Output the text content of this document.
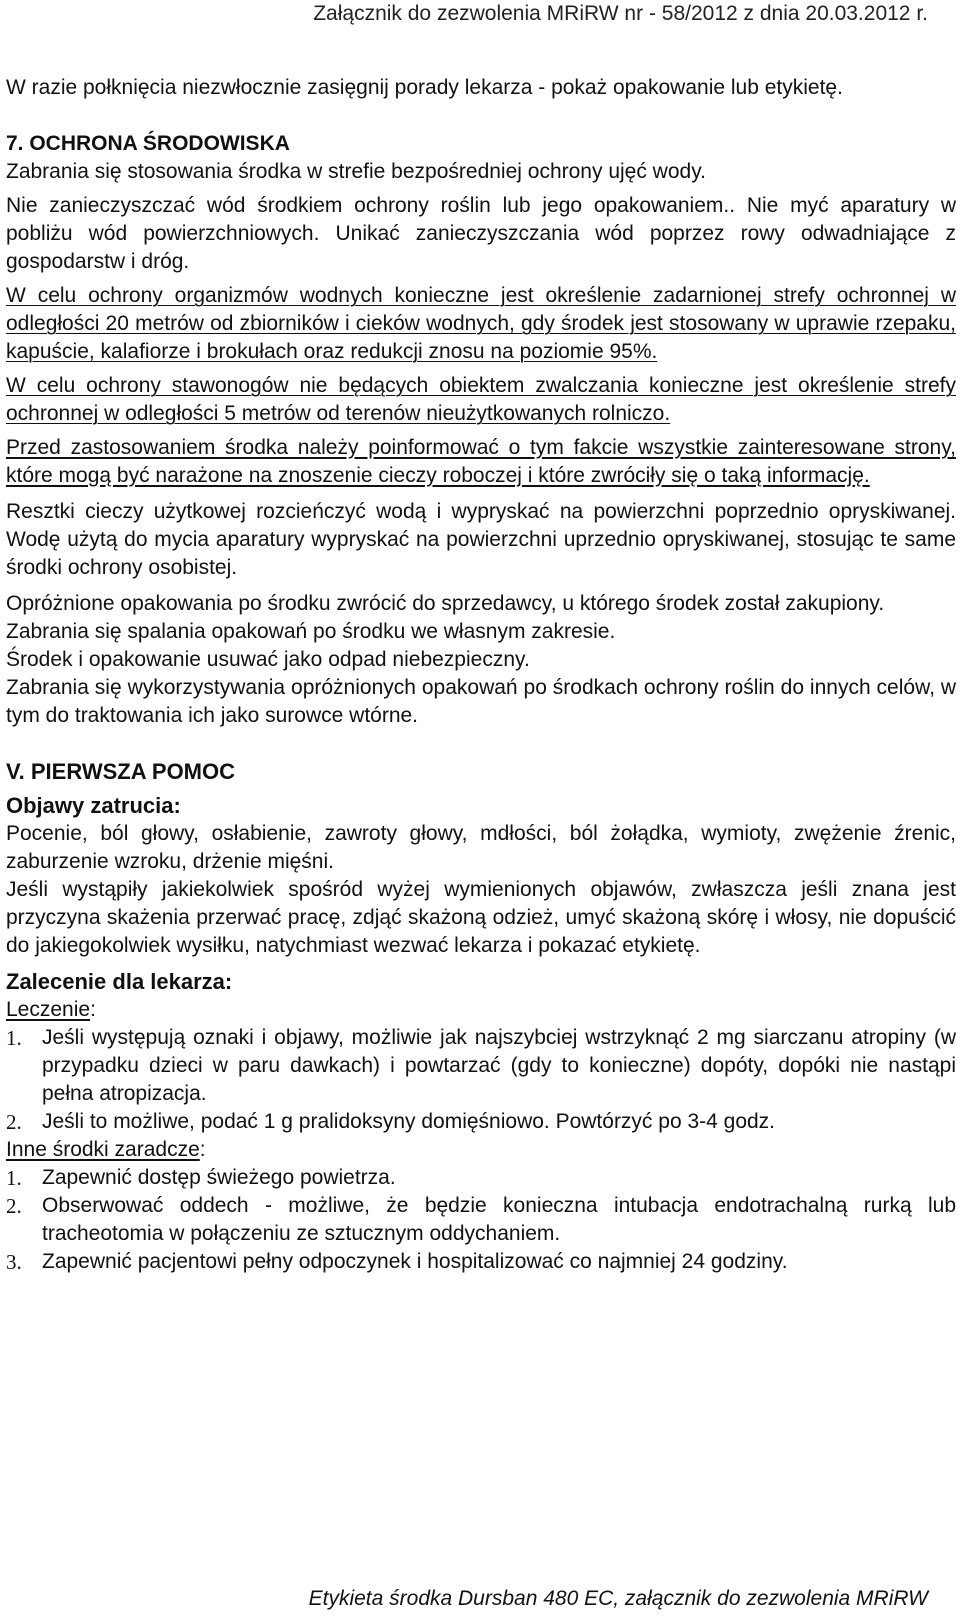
Załącznik do zezwolenia MRiRW nr - 58/2012 z dnia 20.03.2012 r.

W razie połknięcia niezwłocznie zasięgnij porady lekarza - pokaż opakowanie lub etykietę.

7. OCHRONA ŚRODOWISKA

Zabrania się stosowania środka w strefie bezpośredniej ochrony ujęć wody.

Nie zanieczyszczać wód środkiem ochrony roślin lub jego opakowaniem.. Nie myć aparatury w pobliżu wód powierzchniowych. Unikać zanieczyszczania wód poprzez rowy odwadniające z gospodarstw i dróg.

W celu ochrony organizmów wodnych konieczne jest określenie zadarnionej strefy ochronnej w odległości 20 metrów od zbiorników i cieków wodnych, gdy środek jest stosowany w uprawie rzepaku, kapuście, kalafiorze i brokułach oraz redukcji znosu na poziomie 95%.

W celu ochrony stawonogów nie będących obiektem zwalczania konieczne jest określenie strefy ochronnej w odległości 5 metrów od terenów nieużytkowanych rolniczo.

Przed zastosowaniem środka należy poinformować o tym fakcie wszystkie zainteresowane strony, które mogą być narażone na znoszenie cieczy roboczej i które zwróciły się o taką informację.

Resztki cieczy użytkowej rozcieńczyć wodą i wypryskać na powierzchni poprzednio opryskiwanej. Wodę użytą do mycia aparatury wypryskać na powierzchni uprzednio opryskiwanej, stosując te same środki ochrony osobistej.

Opróżnione opakowania po środku zwrócić do sprzedawcy, u którego środek został zakupiony.

Zabrania się spalania opakowań po środku we własnym zakresie.

Środek i opakowanie usuwać jako odpad niebezpieczny.

Zabrania się wykorzystywania opróżnionych opakowań po środkach ochrony roślin do innych celów, w tym do traktowania ich jako surowce wtórne.

V. PIERWSZA POMOC

Objawy zatrucia:

Pocenie, ból głowy, osłabienie, zawroty głowy, mdłości, ból żołądka, wymioty, zwężenie źrenic, zaburzenie wzroku, drżenie mięśni.

Jeśli wystąpiły jakiekolwiek spośród wyżej wymienionych objawów, zwłaszcza jeśli znana jest przyczyna skażenia przerwać pracę, zdjąć skażoną odzież, umyć skażoną skórę i włosy, nie dopuścić do jakiegokolwiek wysiłku, natychmiast wezwać lekarza i pokazać etykietę.

Zalecenie dla lekarza:

Leczenie:

1. Jeśli występują oznaki i objawy, możliwie jak najszybciej wstrzyknąć 2 mg siarczanu atropiny (w przypadku dzieci w paru dawkach) i powtarzać (gdy to konieczne) dopóty, dopóki nie nastąpi pełna atropizacja.
2. Jeśli to możliwe, podać 1 g pralidoksyny domięśniowo. Powtórzyć po 3-4 godz.

Inne środki zaradcze:

1. Zapewnić dostęp świeżego powietrza.
2. Obserwować oddech - możliwe, że będzie konieczna intubacja endotrachalną rurką lub tracheotomia w połączeniu ze sztucznym oddychaniem.
3. Zapewnić pacjentowi pełny odpoczynek i hospitalizować co najmniej 24 godziny.
Etykieta środka Dursban 480 EC, załącznik do zezwolenia MRiRW
